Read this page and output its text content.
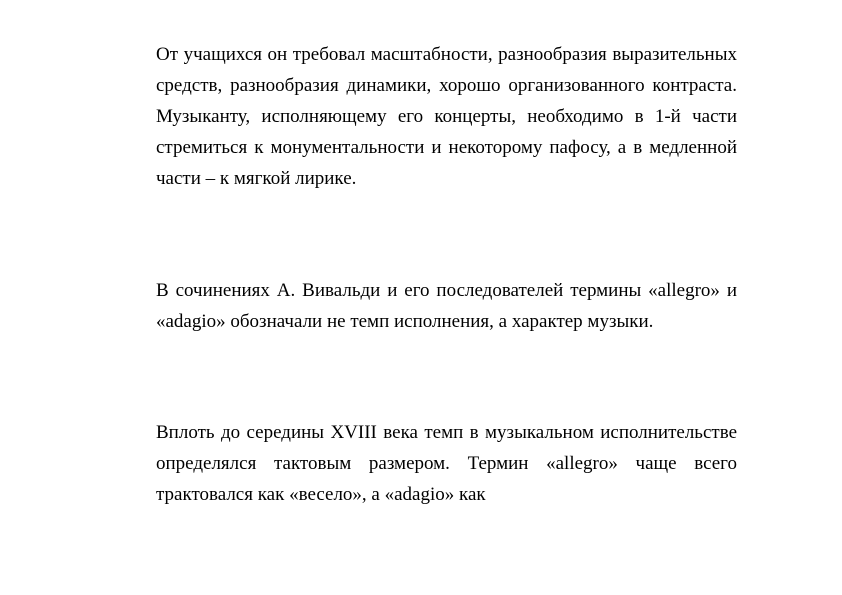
От учащихся он требовал масштабности, разнообразия выразительных средств, разнообразия динамики, хорошо организованного контраста. Музыканту, исполняющему его концерты, необходимо в 1-й части стремиться к монументальности и некоторому пафосу, а в медленной части – к мягкой лирике.

В сочинениях А. Вивальди и его последователей термины «allegro» и «adagio» обозначали не темп исполнения, а характер музыки.

Вплоть до середины XVIII века темп в музыкальном исполнительстве определялся тактовым размером. Термин «allegro» чаще всего трактовался как «весело», а «adagio» как
